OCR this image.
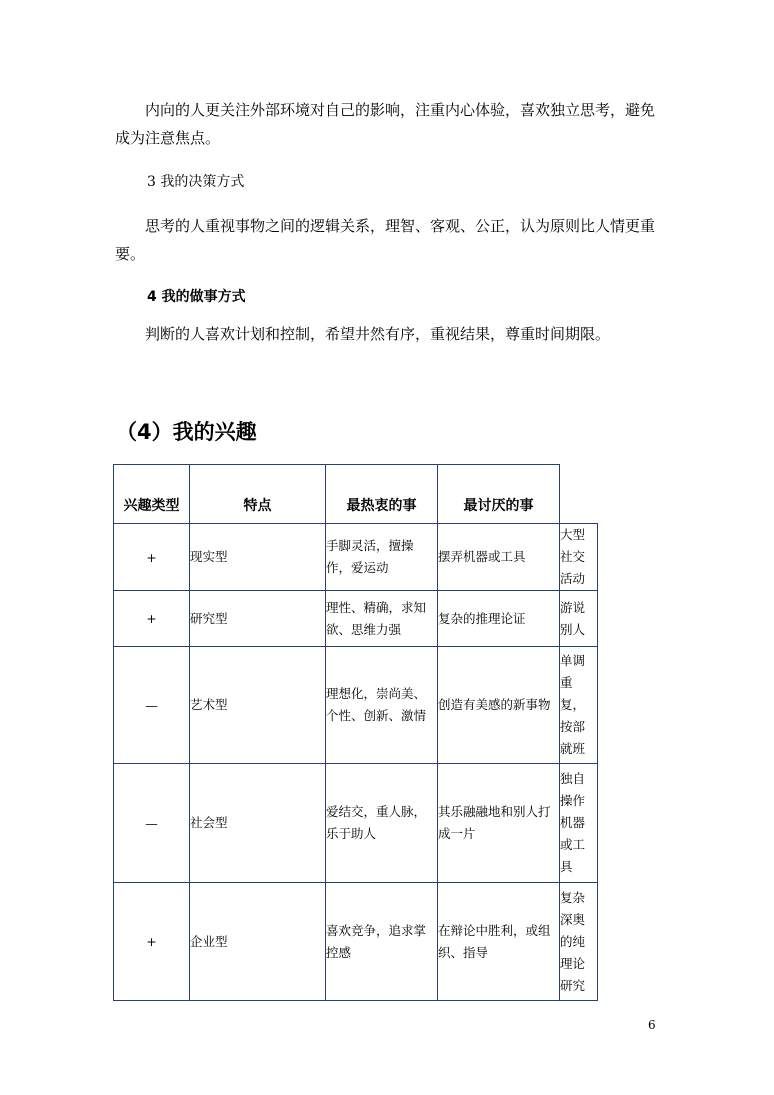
内向的人更关注外部环境对自己的影响，注重内心体验，喜欢独立思考，避免成为注意焦点。
3 我的决策方式
思考的人重视事物之间的逻辑关系，理智、客观、公正，认为原则比人情更重要。
4 我的做事方式
判断的人喜欢计划和控制，希望井然有序，重视结果，尊重时间期限。
（4）我的兴趣
兴趣类型	特点	最热衷的事	最讨厌的事	
+	现实型	手脚灵活，擅操作，爱运动	摆弄机器或工具	大型社交活动
+	研究型	理性、精确，求知欲、思维力强	复杂的推理论证	游说别人
—	艺术型	理想化，崇尚美、个性、创新、激情	创造有美感的新事物	单调重复，按部就班
—	社会型	爱结交，重人脉，乐于助人	其乐融融地和别人打成一片	独自操作机器或工具
+	企业型	喜欢竞争，追求掌控感	在辩论中胜利，或组织、指导	复杂深奥的纯理论研究
6
